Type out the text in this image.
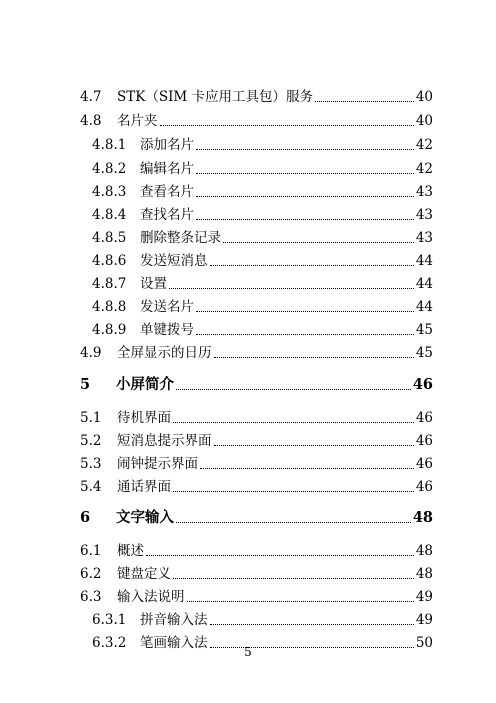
4.7	STK（SIM 卡应用工具包）服务	40
4.8	名片夹	40
4.8.1	添加名片	42
4.8.2	编辑名片	42
4.8.3	查看名片	43
4.8.4	查找名片	43
4.8.5	删除整条记录	43
4.8.6	发送短消息	44
4.8.7	设置	44
4.8.8	发送名片	44
4.8.9	单键拨号	45
4.9	全屏显示的日历	45
5	小屏简介	46
5.1	待机界面	46
5.2	短消息提示界面	46
5.3	闹钟提示界面	46
5.4	通话界面	46
6	文字输入	48
6.1	概述	48
6.2	键盘定义	48
6.3	输入法说明	49
6.3.1	拼音输入法	49
6.3.2	笔画输入法	50
5
